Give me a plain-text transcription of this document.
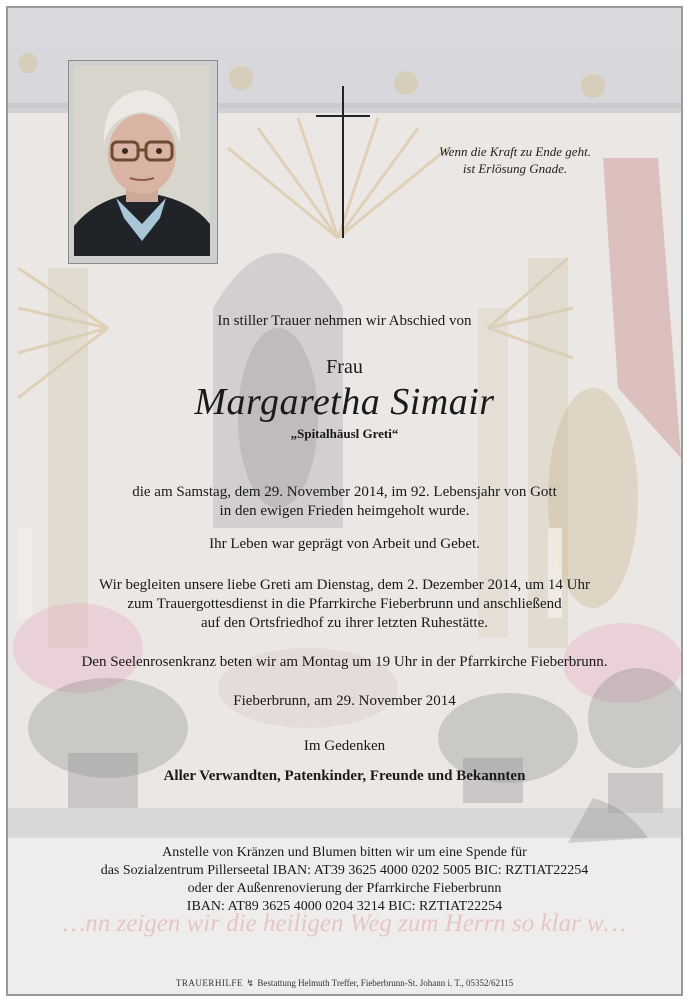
…nn zeigen wir die heiligen Weg zum Herrn so klar w…
Wenn die Kraft zu Ende geht.
ist Erlösung Gnade.
In stiller Trauer nehmen wir Abschied von
Frau
Margaretha Simair
„Spitalhäusl Greti“
die am Samstag, dem 29. November 2014, im 92. Lebensjahr von Gott
in den ewigen Frieden heimgeholt wurde.
Ihr Leben war geprägt von Arbeit und Gebet.
Wir begleiten unsere liebe Greti am Dienstag, dem 2. Dezember 2014, um 14 Uhr
zum Trauergottesdienst in die Pfarrkirche Fieberbrunn und anschließend
auf den Ortsfriedhof zu ihrer letzten Ruhestätte.
Den Seelenrosenkranz beten wir am Montag um 19 Uhr in der Pfarrkirche Fieberbrunn.
Fieberbrunn, am 29. November 2014
Im Gedenken
Aller Verwandten, Patenkinder, Freunde und Bekannten
Anstelle von Kränzen und Blumen bitten wir um eine Spende für
das Sozialzentrum Pillerseetal IBAN: AT39 3625 4000 0202 5005 BIC: RZTIAT22254
oder der Außenrenovierung der Pfarrkirche Fieberbrunn
IBAN: AT89 3625 4000 0204 3214 BIC: RZTIAT22254
TRAUERHILFE ↯ Bestattung Helmuth Treffer, Fieberbrunn-St. Johann i. T., 05352/62115
